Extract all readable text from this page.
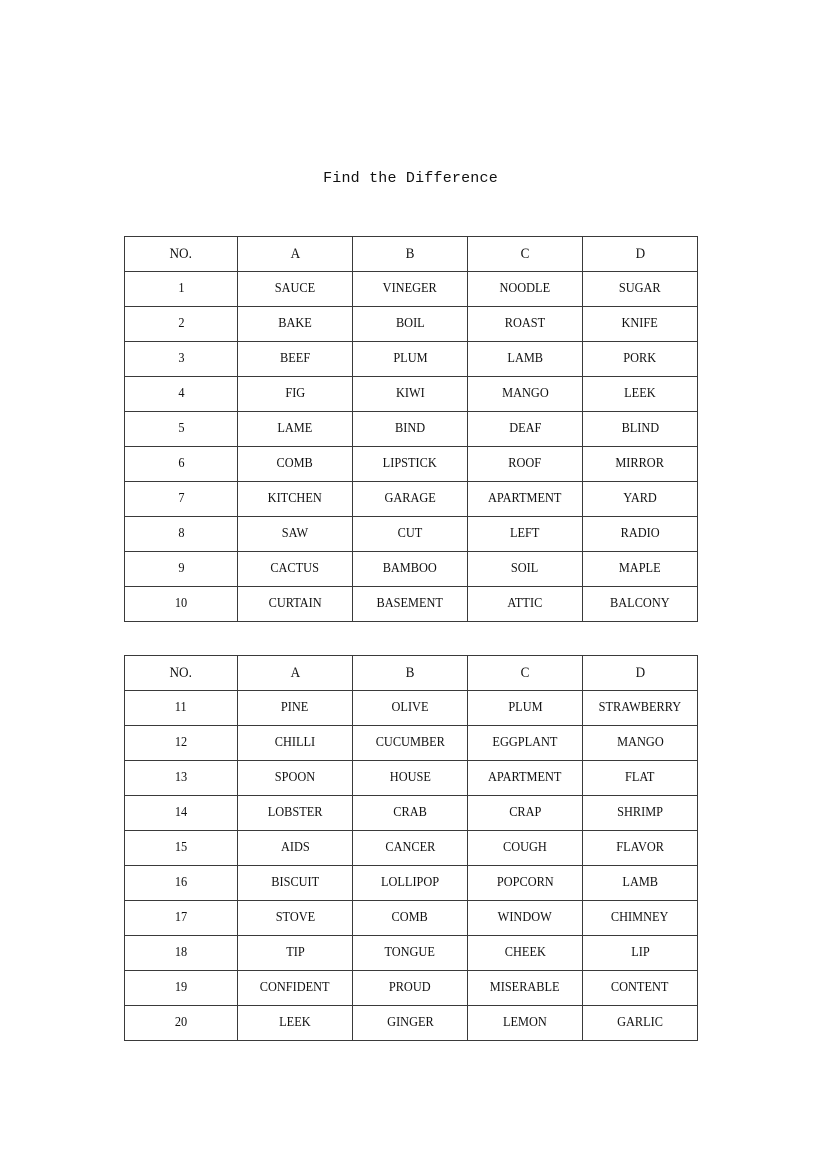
Find the Difference
NO.	A	B	C	D
1	SAUCE	VINEGER	NOODLE	SUGAR
2	BAKE	BOIL	ROAST	KNIFE
3	BEEF	PLUM	LAMB	PORK
4	FIG	KIWI	MANGO	LEEK
5	LAME	BIND	DEAF	BLIND
6	COMB	LIPSTICK	ROOF	MIRROR
7	KITCHEN	GARAGE	APARTMENT	YARD
8	SAW	CUT	LEFT	RADIO
9	CACTUS	BAMBOO	SOIL	MAPLE
10	CURTAIN	BASEMENT	ATTIC	BALCONY
NO.	A	B	C	D
11	PINE	OLIVE	PLUM	STRAWBERRY
12	CHILLI	CUCUMBER	EGGPLANT	MANGO
13	SPOON	HOUSE	APARTMENT	FLAT
14	LOBSTER	CRAB	CRAP	SHRIMP
15	AIDS	CANCER	COUGH	FLAVOR
16	BISCUIT	LOLLIPOP	POPCORN	LAMB
17	STOVE	COMB	WINDOW	CHIMNEY
18	TIP	TONGUE	CHEEK	LIP
19	CONFIDENT	PROUD	MISERABLE	CONTENT
20	LEEK	GINGER	LEMON	GARLIC
